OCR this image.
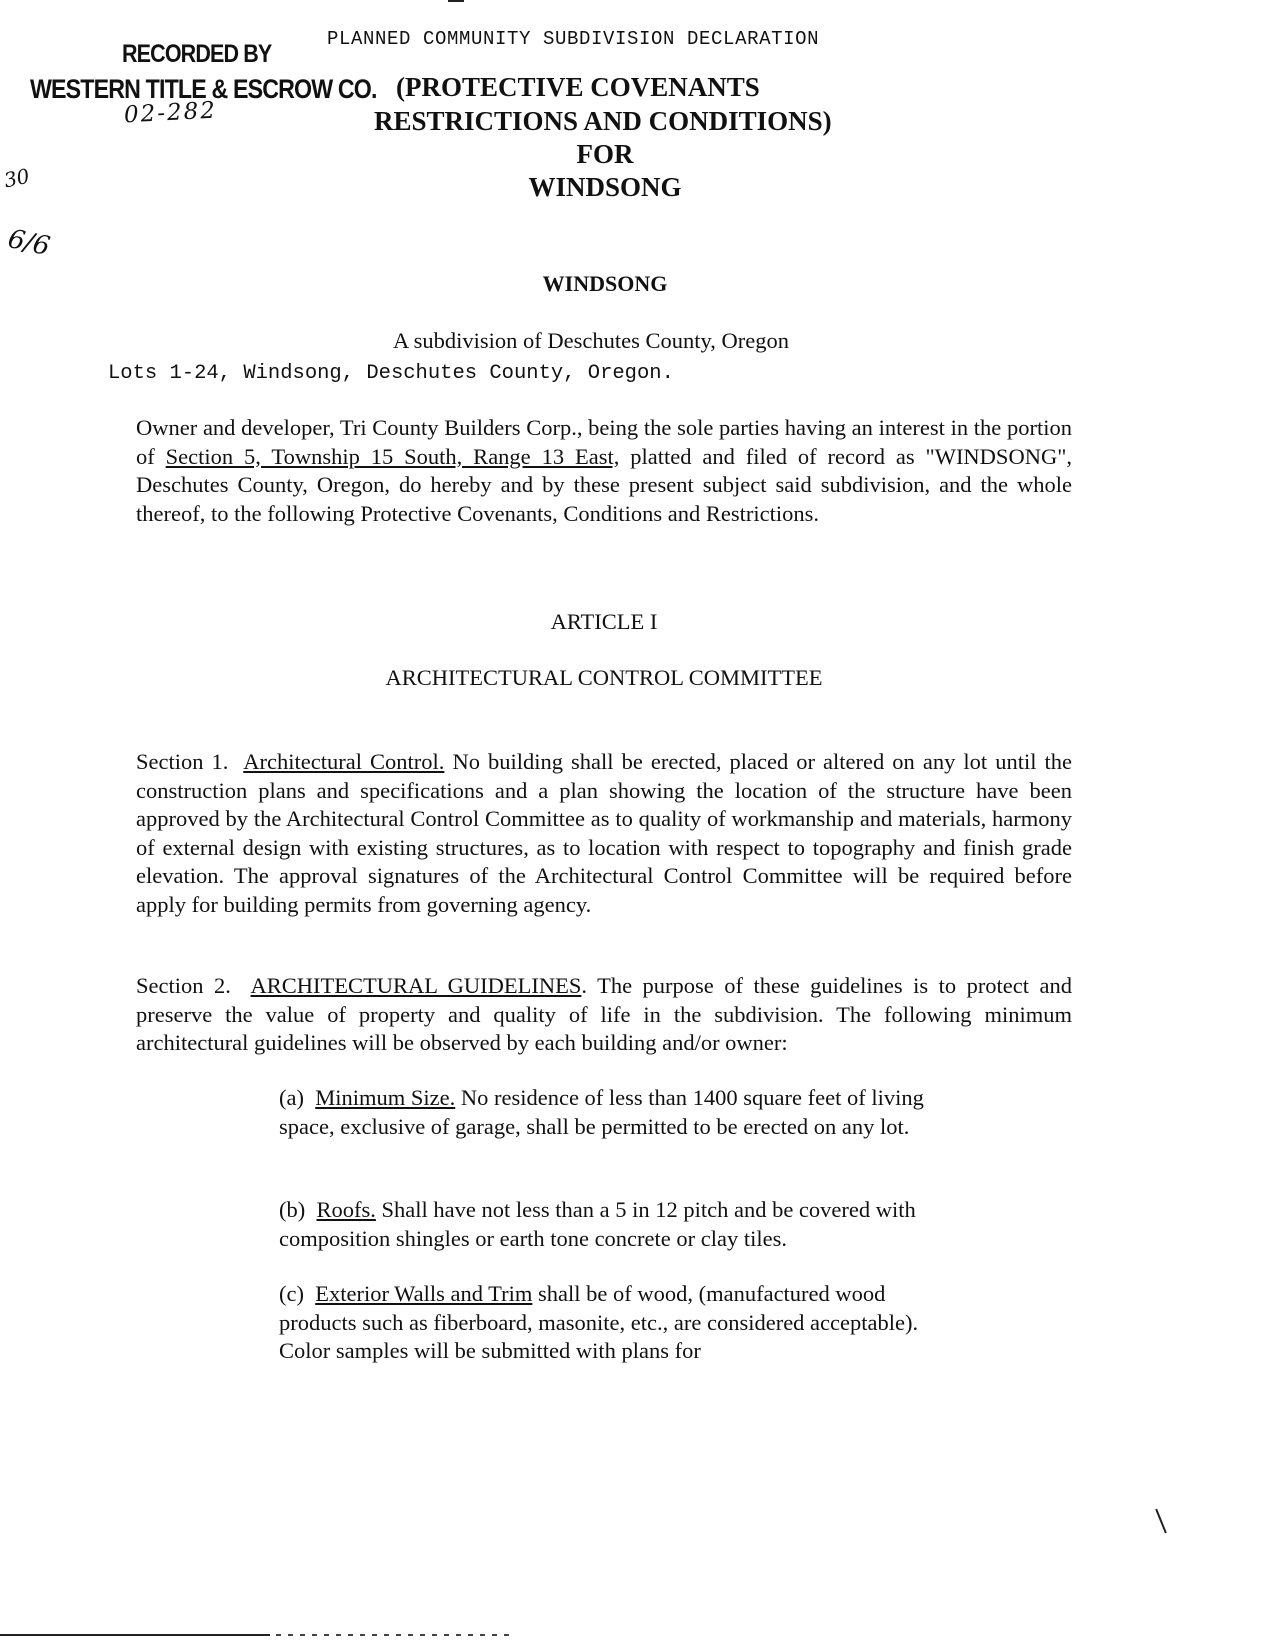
PLANNED COMMUNITY SUBDIVISION DECLARATION
RECORDED BY
WESTERN TITLE & ESCROW CO.
02-282
30
6/6
(PROTECTIVE COVENANTS
RESTRICTIONS AND CONDITIONS)
FOR
WINDSONG
WINDSONG
A subdivision of Deschutes County, Oregon
Lots 1-24, Windsong, Deschutes County, Oregon.
Owner and developer, Tri County Builders Corp., being the sole parties having an interest in the portion of Section 5, Township 15 South, Range 13 East, platted and filed of record as "WINDSONG", Deschutes County, Oregon, do hereby and by these present subject said subdivision, and the whole thereof, to the following Protective Covenants, Conditions and Restrictions.
ARTICLE I
ARCHITECTURAL CONTROL COMMITTEE
Section 1. Architectural Control. No building shall be erected, placed or altered on any lot until the construction plans and specifications and a plan showing the location of the structure have been approved by the Architectural Control Committee as to quality of workmanship and materials, harmony of external design with existing structures, as to location with respect to topography and finish grade elevation. The approval signatures of the Architectural Control Committee will be required before apply for building permits from governing agency.
Section 2. ARCHITECTURAL GUIDELINES. The purpose of these guidelines is to protect and preserve the value of property and quality of life in the subdivision. The following minimum architectural guidelines will be observed by each building and/or owner:
(a) Minimum Size. No residence of less than 1400 square feet of living space, exclusive of garage, shall be permitted to be erected on any lot.
(b) Roofs. Shall have not less than a 5 in 12 pitch and be covered with composition shingles or earth tone concrete or clay tiles.
(c) Exterior Walls and Trim shall be of wood, (manufactured wood products such as fiberboard, masonite, etc., are considered acceptable). Color samples will be submitted with plans for
